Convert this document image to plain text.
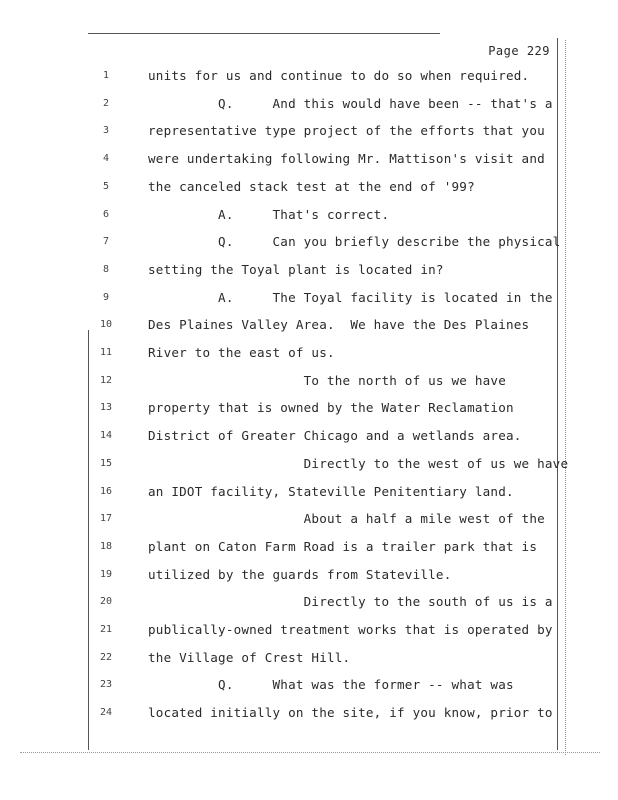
Page 229
1	units for us and continue to do so when required.
2	Q.     And this would have been -- that's a
3	representative type project of the efforts that you
4	were undertaking following Mr. Mattison's visit and
5	the canceled stack test at the end of '99?
6	A.     That's correct.
7	Q.     Can you briefly describe the physical
8	setting the Toyal plant is located in?
9	A.     The Toyal facility is located in the
10	Des Plaines Valley Area.  We have the Des Plaines
11	River to the east of us.
12	To the north of us we have
13	property that is owned by the Water Reclamation
14	District of Greater Chicago and a wetlands area.
15	Directly to the west of us we have
16	an IDOT facility, Stateville Penitentiary land.
17	About a half a mile west of the
18	plant on Caton Farm Road is a trailer park that is
19	utilized by the guards from Stateville.
20	Directly to the south of us is a
21	publically-owned treatment works that is operated by
22	the Village of Crest Hill.
23	Q.     What was the former -- what was
24	located initially on the site, if you know, prior to
